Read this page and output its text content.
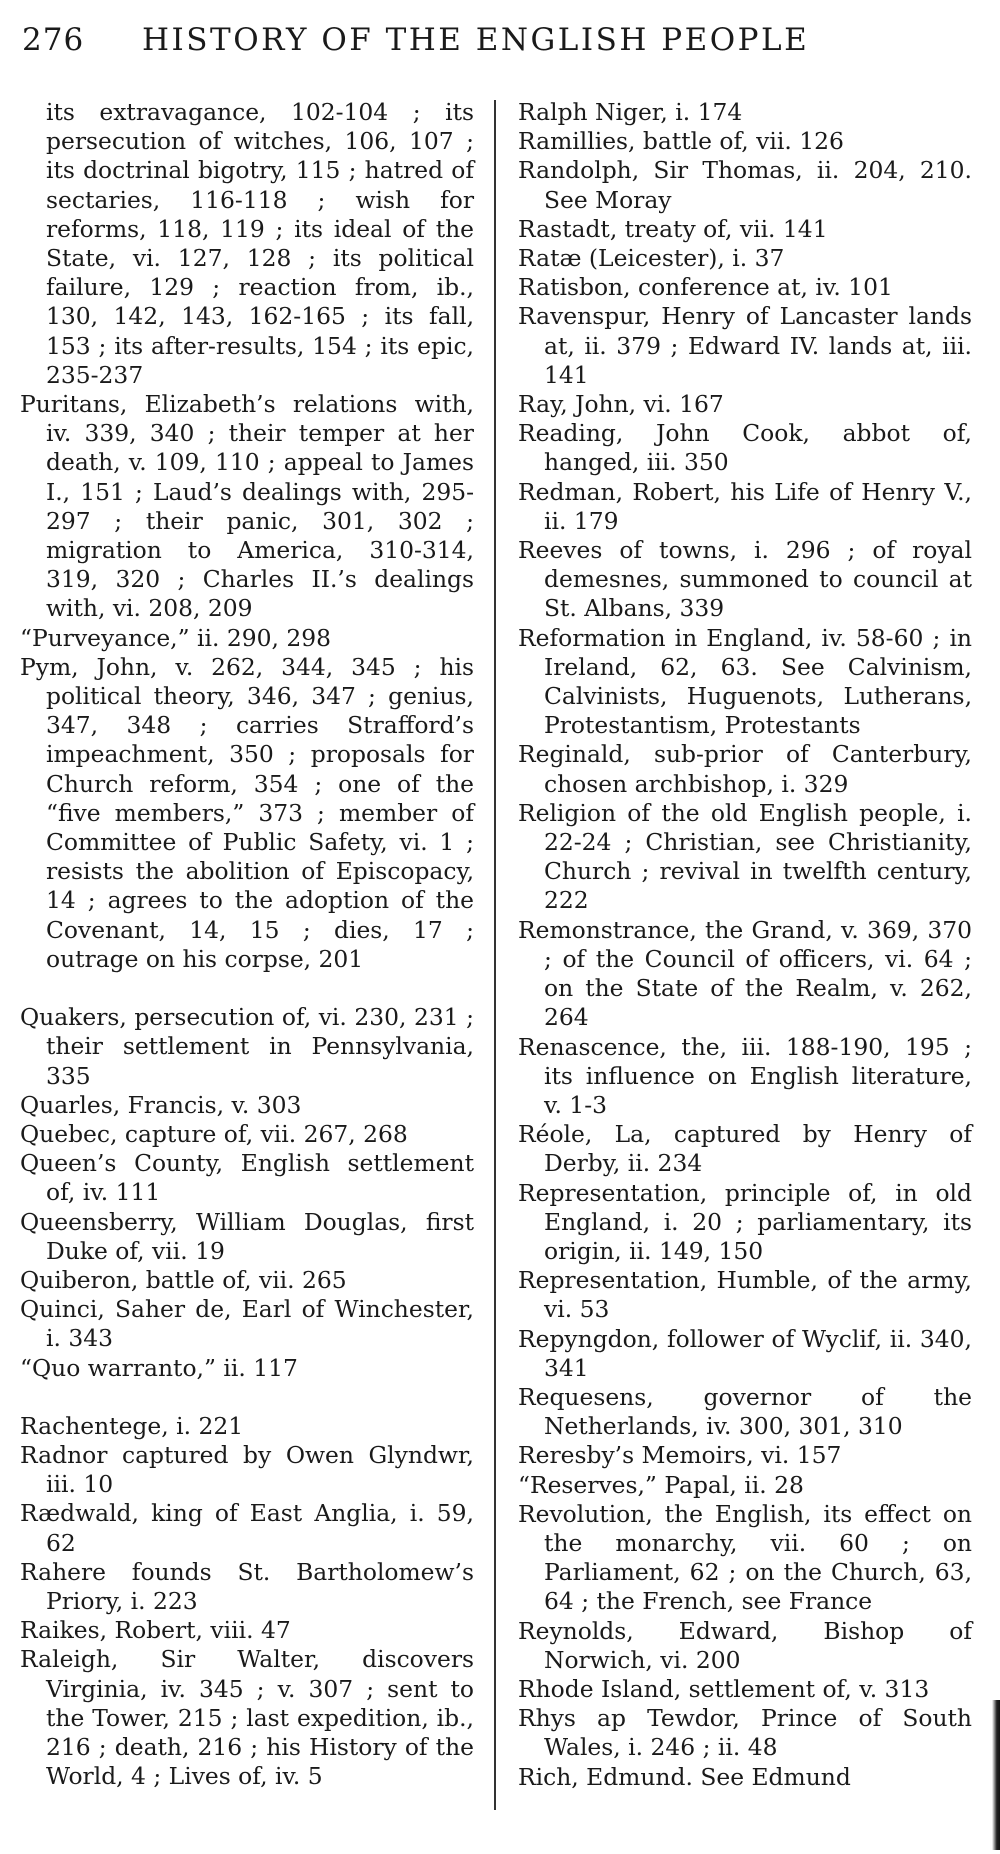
276 HISTORY OF THE ENGLISH PEOPLE

its extravagance, 102-104 ; its persecution of witches, 106, 107 ; its doctrinal bigotry, 115 ; hatred of sectaries, 116-118 ; wish for reforms, 118, 119 ; its ideal of the State, vi. 127, 128 ; its political failure, 129 ; reaction from, ib., 130, 142, 143, 162-165 ; its fall, 153 ; its after-results, 154 ; its epic, 235-237

Puritans, Elizabeth’s relations with, iv. 339, 340 ; their temper at her death, v. 109, 110 ; appeal to James I., 151 ; Laud’s dealings with, 295-297 ; their panic, 301, 302 ; migration to America, 310-314, 319, 320 ; Charles II.’s dealings with, vi. 208, 209

“Purveyance,” ii. 290, 298

Pym, John, v. 262, 344, 345 ; his political theory, 346, 347 ; genius, 347, 348 ; carries Strafford’s impeachment, 350 ; proposals for Church reform, 354 ; one of the “five members,” 373 ; member of Committee of Public Safety, vi. 1 ; resists the abolition of Episcopacy, 14 ; agrees to the adoption of the Covenant, 14, 15 ; dies, 17 ; outrage on his corpse, 201

Quakers, persecution of, vi. 230, 231 ; their settlement in Pennsylvania, 335

Quarles, Francis, v. 303

Quebec, capture of, vii. 267, 268

Queen’s County, English settlement of, iv. 111

Queensberry, William Douglas, first Duke of, vii. 19

Quiberon, battle of, vii. 265

Quinci, Saher de, Earl of Winchester, i. 343

“Quo warranto,” ii. 117

Rachentege, i. 221

Radnor captured by Owen Glyndwr, iii. 10

Rædwald, king of East Anglia, i. 59, 62

Rahere founds St. Bartholomew’s Priory, i. 223

Raikes, Robert, viii. 47

Raleigh, Sir Walter, discovers Virginia, iv. 345 ; v. 307 ; sent to the Tower, 215 ; last expedition, ib., 216 ; death, 216 ; his History of the World, 4 ; Lives of, iv. 5

Ralph Niger, i. 174

Ramillies, battle of, vii. 126

Randolph, Sir Thomas, ii. 204, 210. See Moray

Rastadt, treaty of, vii. 141

Ratæ (Leicester), i. 37

Ratisbon, conference at, iv. 101

Ravenspur, Henry of Lancaster lands at, ii. 379 ; Edward IV. lands at, iii. 141

Ray, John, vi. 167

Reading, John Cook, abbot of, hanged, iii. 350

Redman, Robert, his Life of Henry V., ii. 179

Reeves of towns, i. 296 ; of royal demesnes, summoned to council at St. Albans, 339

Reformation in England, iv. 58-60 ; in Ireland, 62, 63. See Calvinism, Calvinists, Huguenots, Lutherans, Protestantism, Protestants

Reginald, sub-prior of Canterbury, chosen archbishop, i. 329

Religion of the old English people, i. 22-24 ; Christian, see Christianity, Church ; revival in twelfth century, 222

Remonstrance, the Grand, v. 369, 370 ; of the Council of officers, vi. 64 ; on the State of the Realm, v. 262, 264

Renascence, the, iii. 188-190, 195 ; its influence on English literature, v. 1-3

Réole, La, captured by Henry of Derby, ii. 234

Representation, principle of, in old England, i. 20 ; parliamentary, its origin, ii. 149, 150

Representation, Humble, of the army, vi. 53

Repyngdon, follower of Wyclif, ii. 340, 341

Requesens, governor of the Netherlands, iv. 300, 301, 310

Reresby’s Memoirs, vi. 157

“Reserves,” Papal, ii. 28

Revolution, the English, its effect on the monarchy, vii. 60 ; on Parliament, 62 ; on the Church, 63, 64 ; the French, see France

Reynolds, Edward, Bishop of Norwich, vi. 200

Rhode Island, settlement of, v. 313

Rhys ap Tewdor, Prince of South Wales, i. 246 ; ii. 48

Rich, Edmund. See Edmund
